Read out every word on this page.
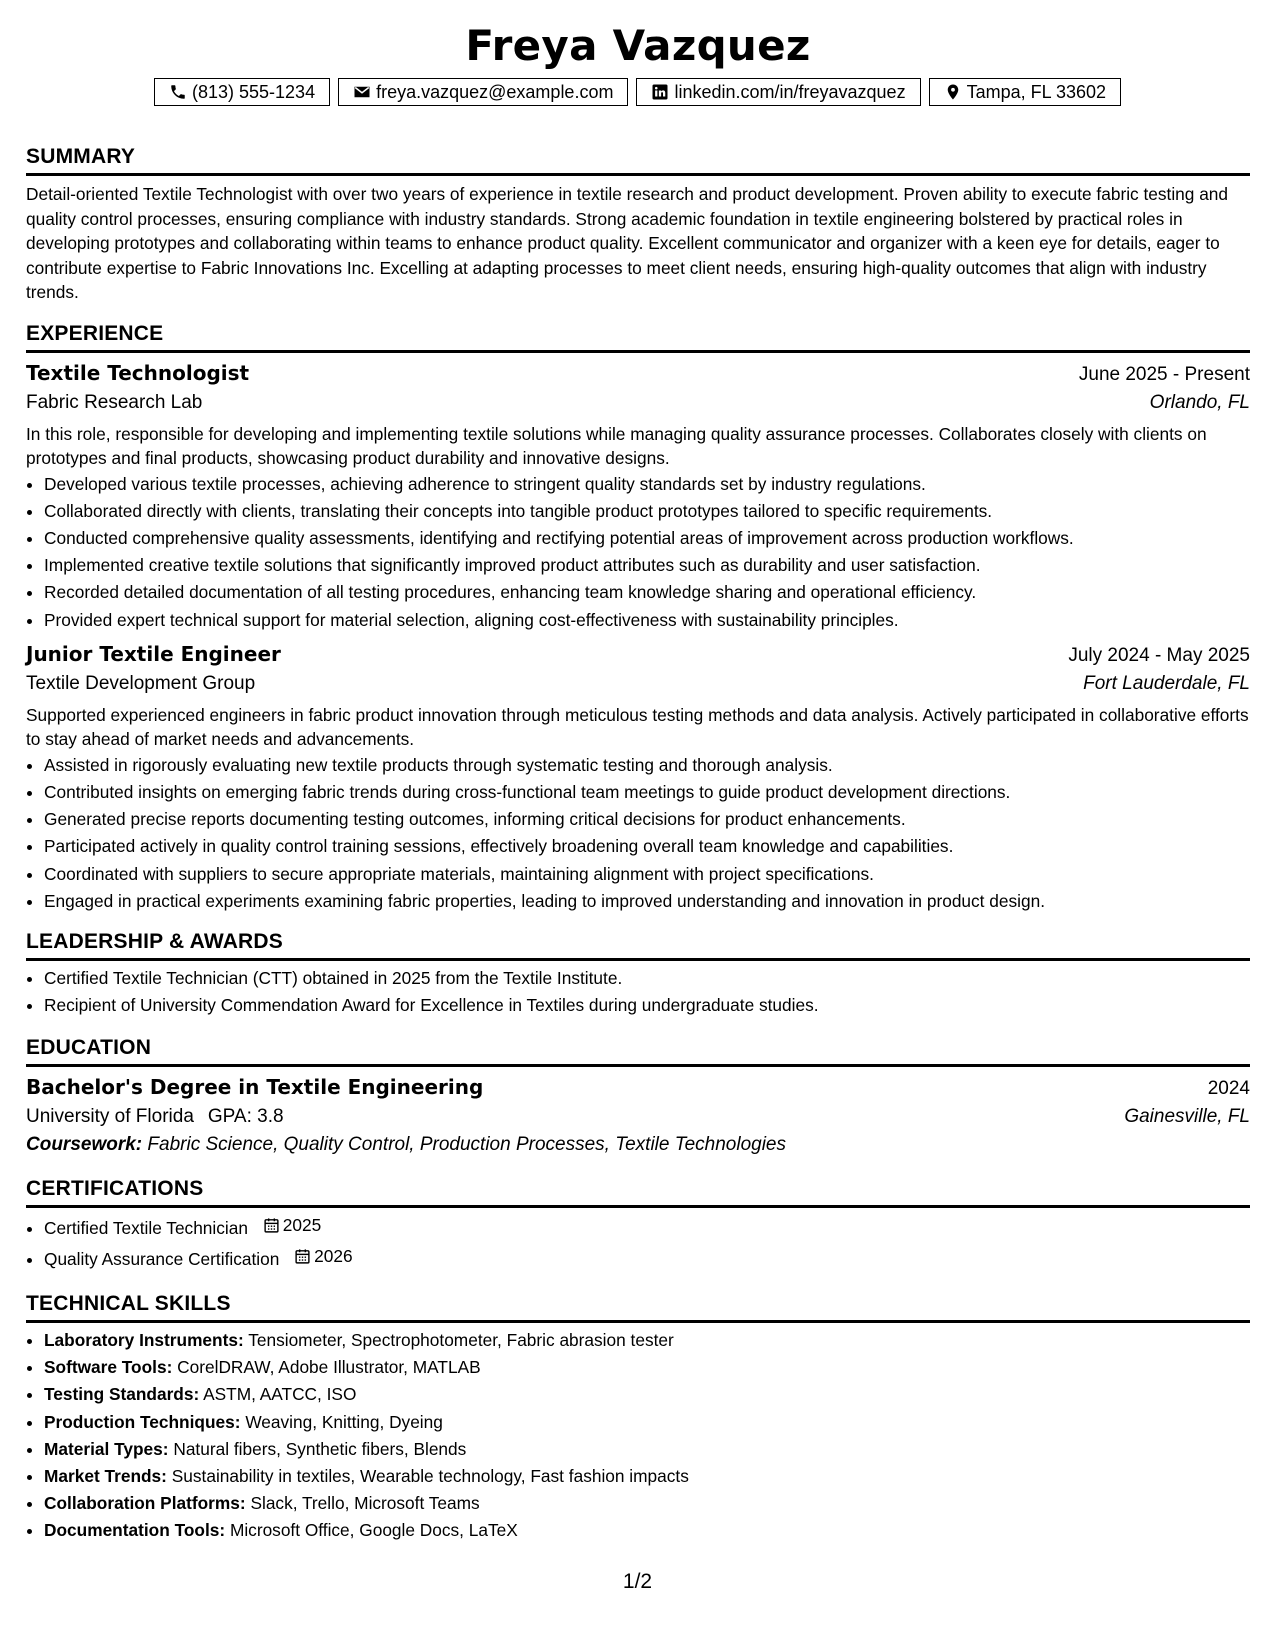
Freya Vazquez
(813) 555-1234	freya.vazquez@example.com	linkedin.com/in/freyavazquez	Tampa, FL 33602
SUMMARY
Detail-oriented Textile Technologist with over two years of experience in textile research and product development. Proven ability to execute fabric testing and quality control processes, ensuring compliance with industry standards. Strong academic foundation in textile engineering bolstered by practical roles in developing prototypes and collaborating within teams to enhance product quality. Excellent communicator and organizer with a keen eye for details, eager to contribute expertise to Fabric Innovations Inc. Excelling at adapting processes to meet client needs, ensuring high-quality outcomes that align with industry trends.
EXPERIENCE
Textile Technologist	June 2025 - Present
Fabric Research Lab	Orlando, FL
In this role, responsible for developing and implementing textile solutions while managing quality assurance processes. Collaborates closely with clients on prototypes and final products, showcasing product durability and innovative designs.
• Developed various textile processes, achieving adherence to stringent quality standards set by industry regulations.
• Collaborated directly with clients, translating their concepts into tangible product prototypes tailored to specific requirements.
• Conducted comprehensive quality assessments, identifying and rectifying potential areas of improvement across production workflows.
• Implemented creative textile solutions that significantly improved product attributes such as durability and user satisfaction.
• Recorded detailed documentation of all testing procedures, enhancing team knowledge sharing and operational efficiency.
• Provided expert technical support for material selection, aligning cost-effectiveness with sustainability principles.
Junior Textile Engineer	July 2024 - May 2025
Textile Development Group	Fort Lauderdale, FL
Supported experienced engineers in fabric product innovation through meticulous testing methods and data analysis. Actively participated in collaborative efforts to stay ahead of market needs and advancements.
• Assisted in rigorously evaluating new textile products through systematic testing and thorough analysis.
• Contributed insights on emerging fabric trends during cross-functional team meetings to guide product development directions.
• Generated precise reports documenting testing outcomes, informing critical decisions for product enhancements.
• Participated actively in quality control training sessions, effectively broadening overall team knowledge and capabilities.
• Coordinated with suppliers to secure appropriate materials, maintaining alignment with project specifications.
• Engaged in practical experiments examining fabric properties, leading to improved understanding and innovation in product design.
LEADERSHIP & AWARDS
• Certified Textile Technician (CTT) obtained in 2025 from the Textile Institute.
• Recipient of University Commendation Award for Excellence in Textiles during undergraduate studies.
EDUCATION
Bachelor's Degree in Textile Engineering	2024
University of Florida GPA: 3.8	Gainesville, FL
Coursework: Fabric Science, Quality Control, Production Processes, Textile Technologies
CERTIFICATIONS
• Certified Textile Technician 2025
• Quality Assurance Certification 2026
TECHNICAL SKILLS
• Laboratory Instruments: Tensiometer, Spectrophotometer, Fabric abrasion tester
• Software Tools: CorelDRAW, Adobe Illustrator, MATLAB
• Testing Standards: ASTM, AATCC, ISO
• Production Techniques: Weaving, Knitting, Dyeing
• Material Types: Natural fibers, Synthetic fibers, Blends
• Market Trends: Sustainability in textiles, Wearable technology, Fast fashion impacts
• Collaboration Platforms: Slack, Trello, Microsoft Teams
• Documentation Tools: Microsoft Office, Google Docs, LaTeX
1/2
